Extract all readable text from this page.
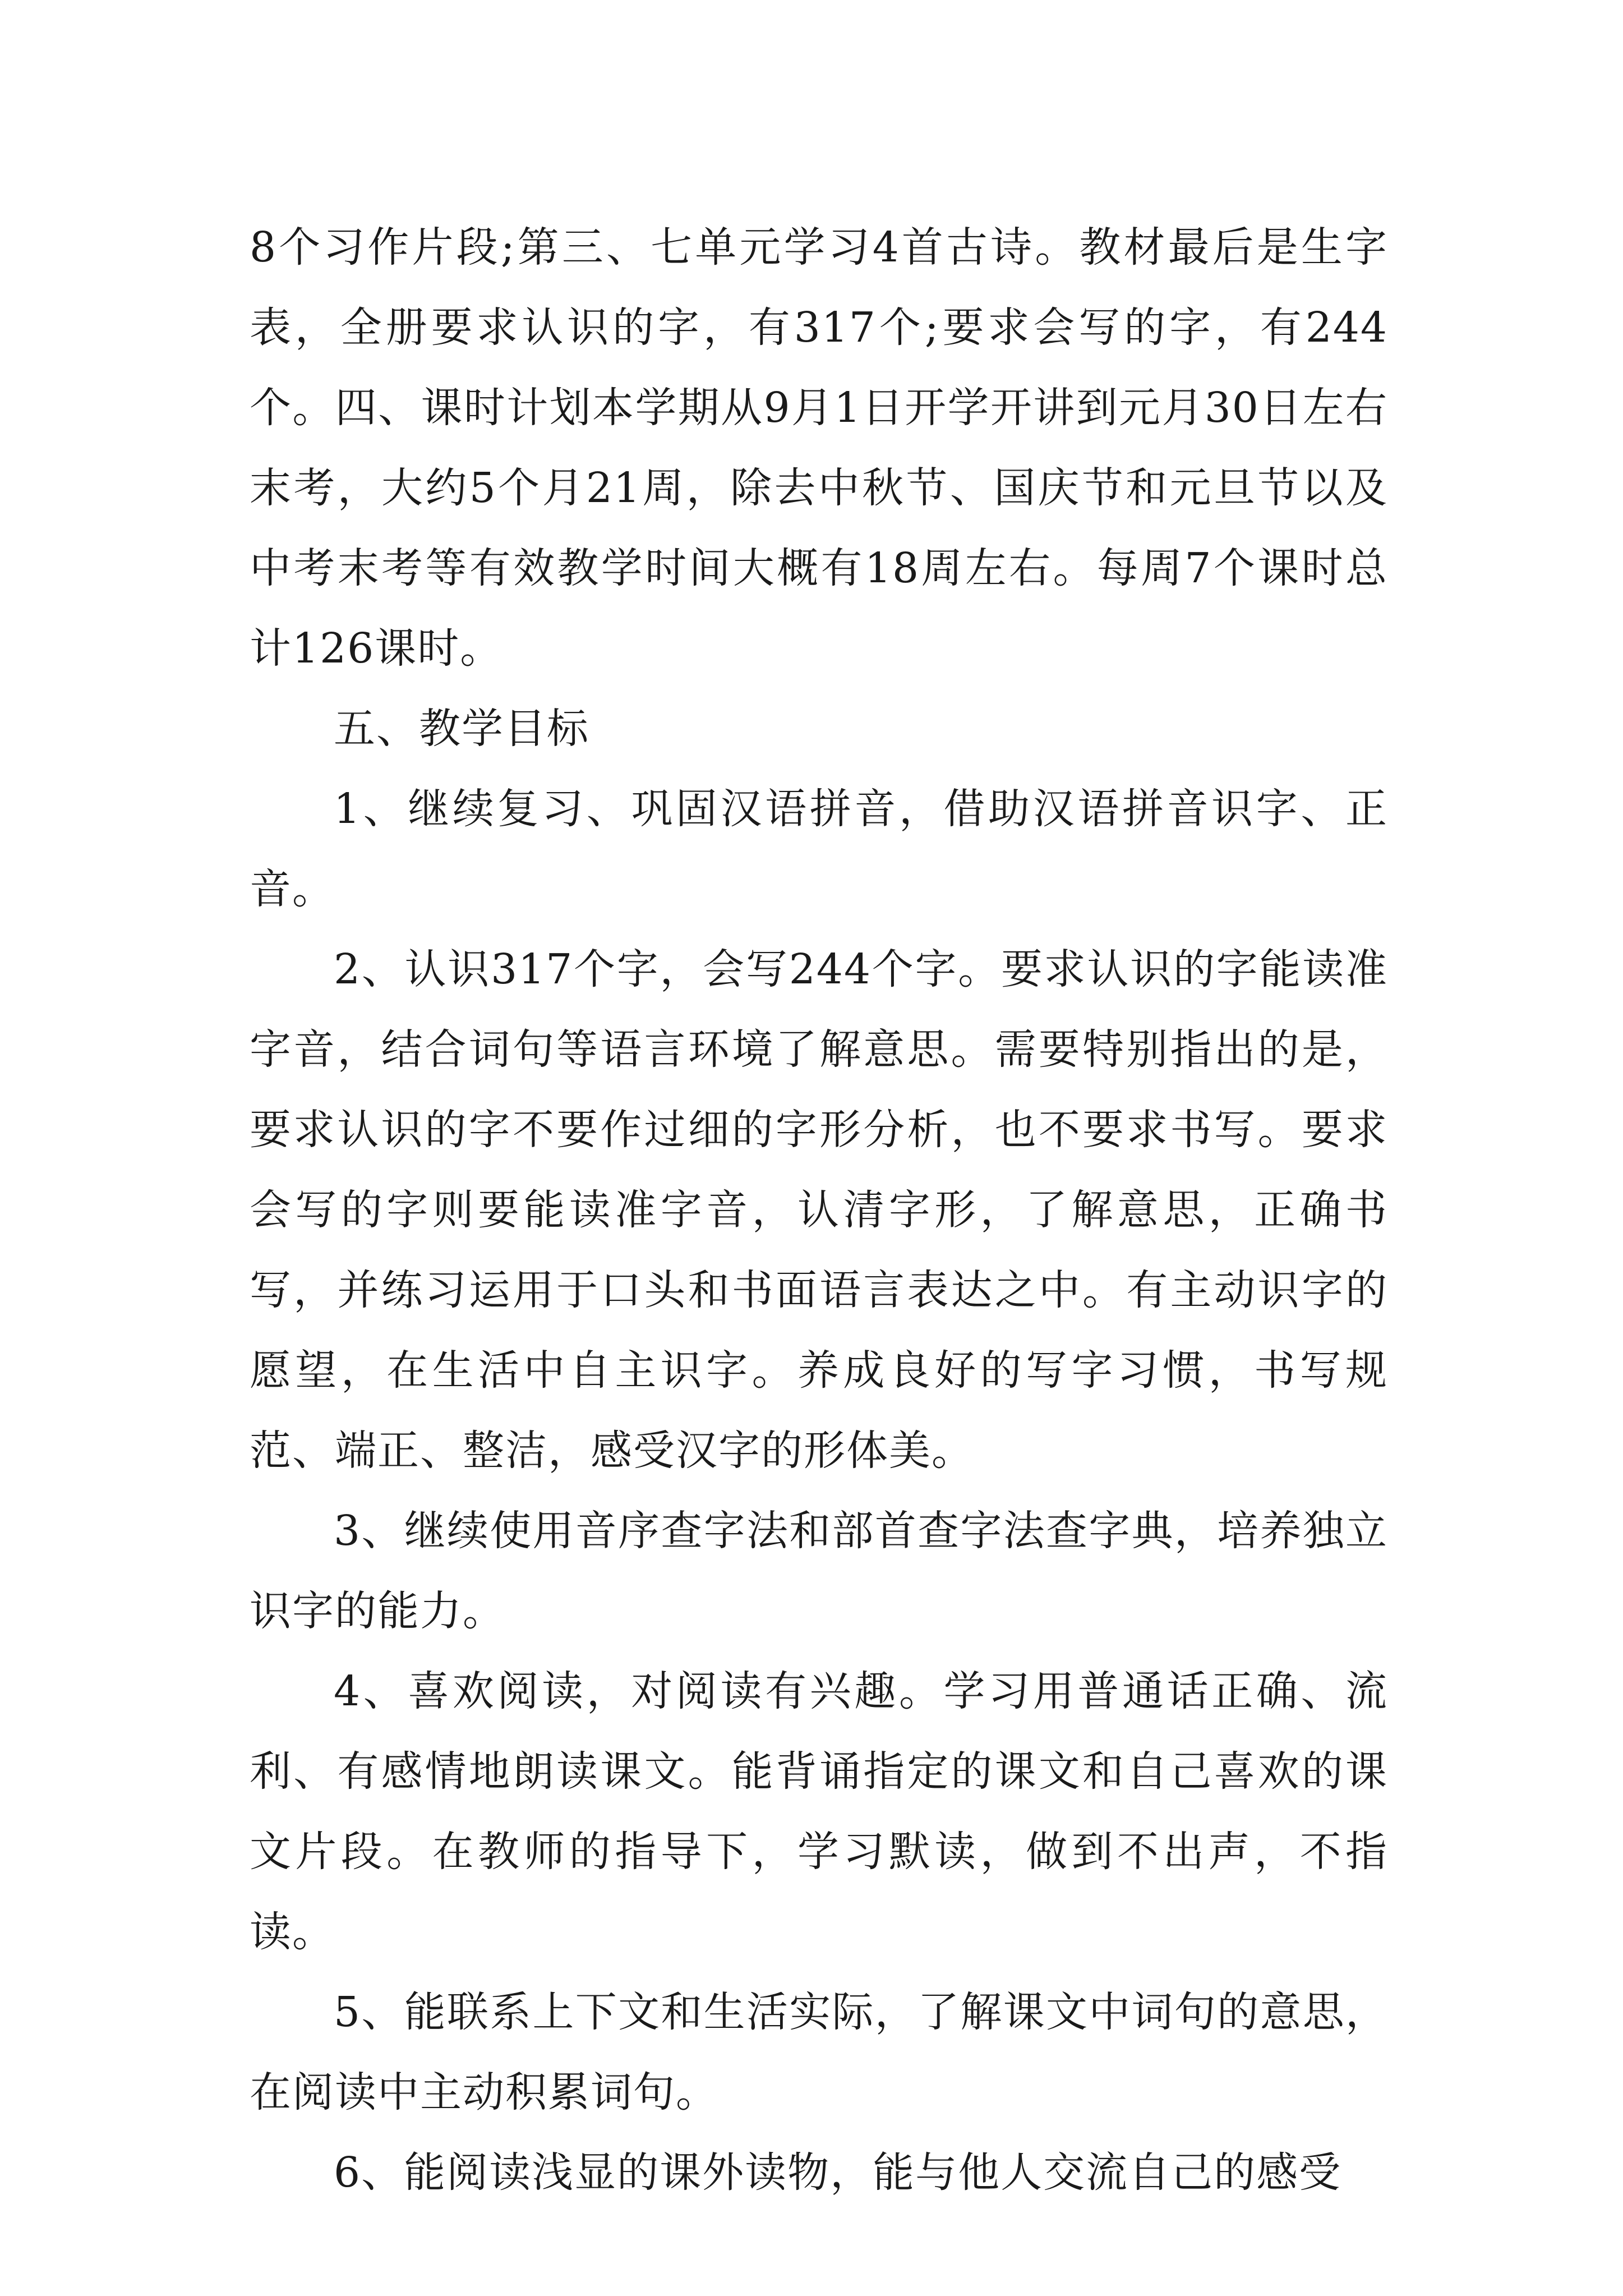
8个习作片段;第三、七单元学习4首古诗。教材最后是生字表，全册要求认识的字，有317个;要求会写的字，有244个。四、课时计划本学期从9月1日开学开讲到元月30日左右末考，大约5个月21周，除去中秋节、国庆节和元旦节以及中考末考等有效教学时间大概有18周左右。每周7个课时总计126课时。

五、教学目标

1、继续复习、巩固汉语拼音，借助汉语拼音识字、正音。

2、认识317个字，会写244个字。要求认识的字能读准字音，结合词句等语言环境了解意思。需要特别指出的是，要求认识的字不要作过细的字形分析，也不要求书写。要求会写的字则要能读准字音，认清字形，了解意思，正确书写，并练习运用于口头和书面语言表达之中。有主动识字的愿望，在生活中自主识字。养成良好的写字习惯，书写规范、端正、整洁，感受汉字的形体美。

3、继续使用音序查字法和部首查字法查字典，培养独立识字的能力。

4、喜欢阅读，对阅读有兴趣。学习用普通话正确、流利、有感情地朗读课文。能背诵指定的课文和自己喜欢的课文片段。在教师的指导下，学习默读，做到不出声，不指读。

5、能联系上下文和生活实际，了解课文中词句的意思，在阅读中主动积累词句。

6、能阅读浅显的课外读物，能与他人交流自己的感受
